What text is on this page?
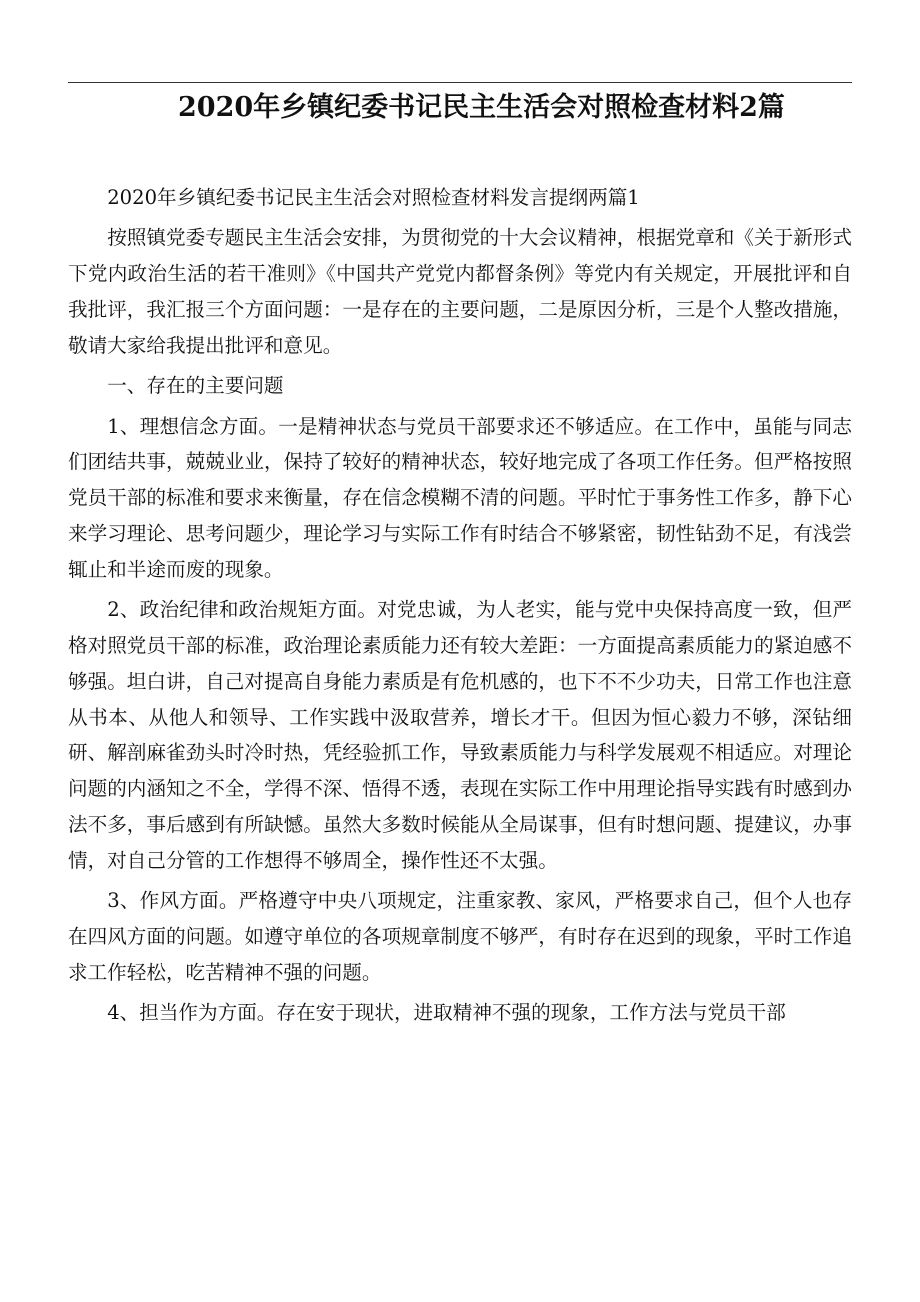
2020年乡镇纪委书记民主生活会对照检查材料2篇

2020年乡镇纪委书记民主生活会对照检查材料发言提纲两篇1

按照镇党委专题民主生活会安排，为贯彻党的十大会议精神，根据党章和《关于新形式下党内政治生活的若干准则》《中国共产党党内都督条例》等党内有关规定，开展批评和自我批评，我汇报三个方面问题：一是存在的主要问题，二是原因分析，三是个人整改措施，敬请大家给我提出批评和意见。

一、存在的主要问题

1、理想信念方面。一是精神状态与党员干部要求还不够适应。在工作中，虽能与同志们团结共事，兢兢业业，保持了较好的精神状态，较好地完成了各项工作任务。但严格按照党员干部的标准和要求来衡量，存在信念模糊不清的问题。平时忙于事务性工作多，静下心来学习理论、思考问题少，理论学习与实际工作有时结合不够紧密，韧性钻劲不足，有浅尝辄止和半途而废的现象。

2、政治纪律和政治规矩方面。对党忠诚，为人老实，能与党中央保持高度一致，但严格对照党员干部的标准，政治理论素质能力还有较大差距：一方面提高素质能力的紧迫感不够强。坦白讲，自己对提高自身能力素质是有危机感的，也下不不少功夫，日常工作也注意从书本、从他人和领导、工作实践中汲取营养，增长才干。但因为恒心毅力不够，深钻细研、解剖麻雀劲头时冷时热，凭经验抓工作，导致素质能力与科学发展观不相适应。对理论问题的内涵知之不全，学得不深、悟得不透，表现在实际工作中用理论指导实践有时感到办法不多，事后感到有所缺憾。虽然大多数时候能从全局谋事，但有时想问题、提建议，办事情，对自己分管的工作想得不够周全，操作性还不太强。

3、作风方面。严格遵守中央八项规定，注重家教、家风，严格要求自己，但个人也存在四风方面的问题。如遵守单位的各项规章制度不够严，有时存在迟到的现象，平时工作追求工作轻松，吃苦精神不强的问题。

4、担当作为方面。存在安于现状，进取精神不强的现象，工作方法与党员干部
